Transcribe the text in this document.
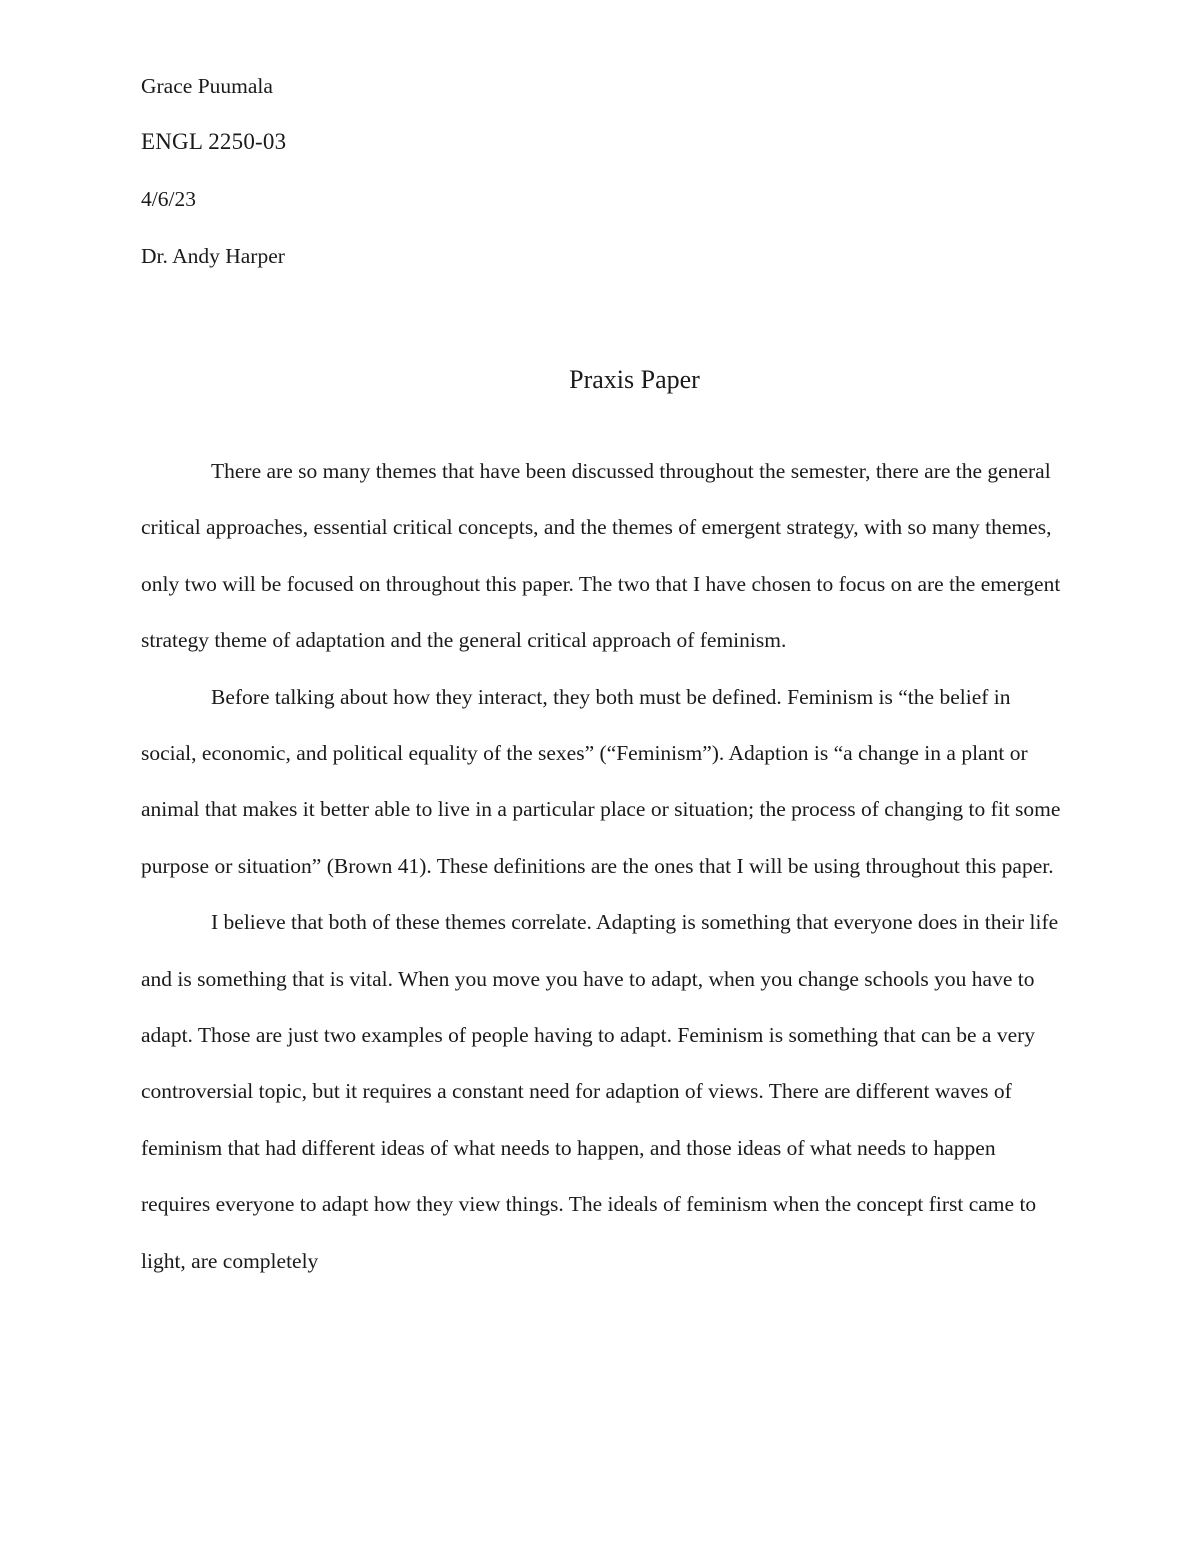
Grace Puumala
ENGL 2250-03
4/6/23
Dr. Andy Harper
Praxis Paper

There are so many themes that have been discussed throughout the semester, there are the general critical approaches, essential critical concepts, and the themes of emergent strategy, with so many themes, only two will be focused on throughout this paper. The two that I have chosen to focus on are the emergent strategy theme of adaptation and the general critical approach of feminism.

Before talking about how they interact, they both must be defined. Feminism is “the belief in social, economic, and political equality of the sexes” (“Feminism”). Adaption is “a change in a plant or animal that makes it better able to live in a particular place or situation; the process of changing to fit some purpose or situation” (Brown 41). These definitions are the ones that I will be using throughout this paper.

I believe that both of these themes correlate. Adapting is something that everyone does in their life and is something that is vital. When you move you have to adapt, when you change schools you have to adapt. Those are just two examples of people having to adapt. Feminism is something that can be a very controversial topic, but it requires a constant need for adaption of views. There are different waves of feminism that had different ideas of what needs to happen, and those ideas of what needs to happen requires everyone to adapt how they view things. The ideals of feminism when the concept first came to light, are completely
